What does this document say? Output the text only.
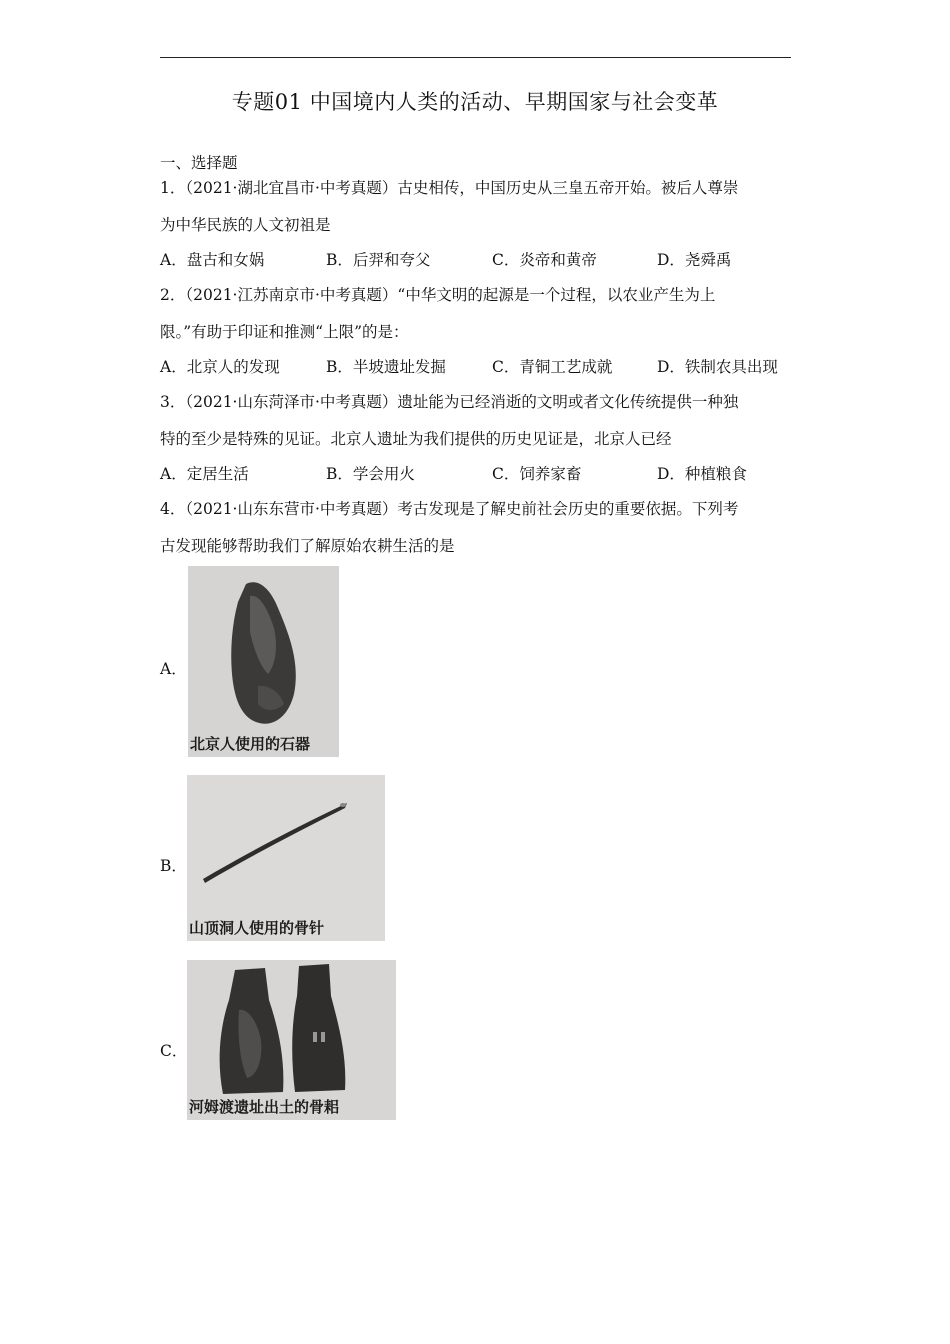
专题01 中国境内人类的活动、早期国家与社会变革
一、选择题
1．（2021·湖北宜昌市·中考真题）古史相传，中国历史从三皇五帝开始。被后人尊崇
为中华民族的人文初祖是
A．盘古和女娲	B．后羿和夸父	C．炎帝和黄帝	D．尧舜禹
2．（2021·江苏南京市·中考真题）“中华文明的起源是一个过程，以农业产生为上
限。”有助于印证和推测“上限”的是：
A．北京人的发现	B．半坡遗址发掘	C．青铜工艺成就	D．铁制农具出现
3．（2021·山东菏泽市·中考真题）遗址能为已经消逝的文明或者文化传统提供一种独
特的至少是特殊的见证。北京人遗址为我们提供的历史见证是，北京人已经
A．定居生活	B．学会用火	C．饲养家畜	D．种植粮食
4．（2021·山东东营市·中考真题）考古发现是了解史前社会历史的重要依据。下列考
古发现能够帮助我们了解原始农耕生活的是
A．
北京人使用的石器
B．
山顶洞人使用的骨针
C．
河姆渡遗址出土的骨耜
